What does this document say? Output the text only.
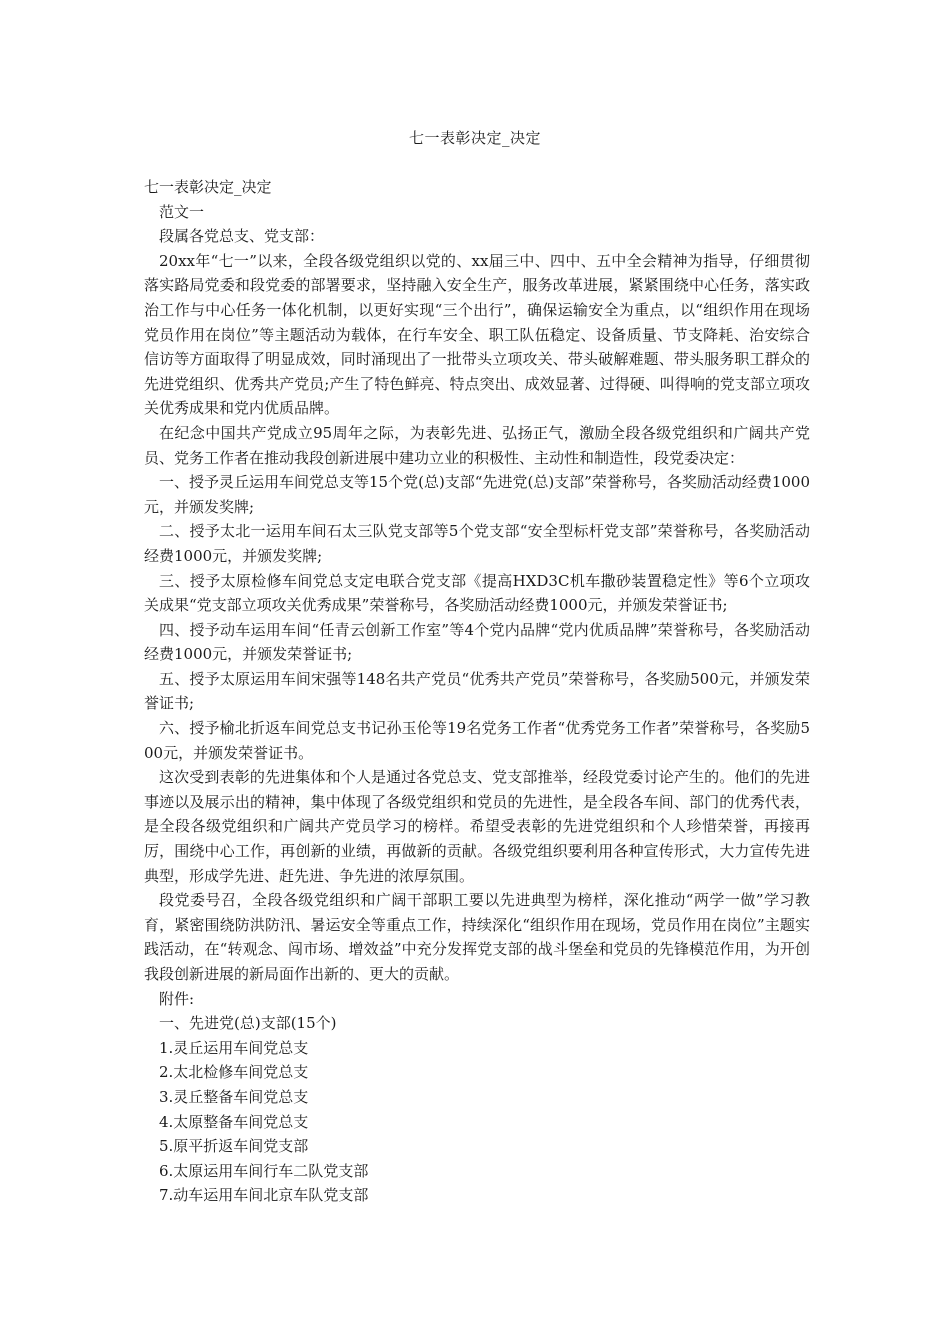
七一表彰决定_决定

七一表彰决定_决定

范文一

段属各党总支、党支部：

20xx年“七一”以来，全段各级党组织以党的、xx届三中、四中、五中全会精神为指导，仔细贯彻落实路局党委和段党委的部署要求，坚持融入安全生产，服务改革进展，紧紧围绕中心任务，落实政治工作与中心任务一体化机制，以更好实现“三个出行”，确保运输安全为重点，以“组织作用在现场 党员作用在岗位”等主题活动为载体，在行车安全、职工队伍稳定、设备质量、节支降耗、治安综合信访等方面取得了明显成效，同时涌现出了一批带头立项攻关、带头破解难题、带头服务职工群众的先进党组织、优秀共产党员;产生了特色鲜亮、特点突出、成效显著、过得硬、叫得响的党支部立项攻关优秀成果和党内优质品牌。

在纪念中国共产党成立95周年之际，为表彰先进、弘扬正气，激励全段各级党组织和广阔共产党员、党务工作者在推动我段创新进展中建功立业的积极性、主动性和制造性，段党委决定：

一、授予灵丘运用车间党总支等15个党(总)支部“先进党(总)支部”荣誉称号，各奖励活动经费1000元，并颁发奖牌;

二、授予太北一运用车间石太三队党支部等5个党支部“安全型标杆党支部”荣誉称号，各奖励活动经费1000元，并颁发奖牌;

三、授予太原检修车间党总支定电联合党支部《提高HXD3C机车撒砂装置稳定性》等6个立项攻关成果“党支部立项攻关优秀成果”荣誉称号，各奖励活动经费1000元，并颁发荣誉证书;

四、授予动车运用车间“任青云创新工作室”等4个党内品牌“党内优质品牌”荣誉称号，各奖励活动经费1000元，并颁发荣誉证书;

五、授予太原运用车间宋强等148名共产党员“优秀共产党员”荣誉称号，各奖励500元，并颁发荣誉证书;

六、授予榆北折返车间党总支书记孙玉伦等19名党务工作者“优秀党务工作者”荣誉称号，各奖励500元，并颁发荣誉证书。

这次受到表彰的先进集体和个人是通过各党总支、党支部推举，经段党委讨论产生的。他们的先进事迹以及展示出的精神，集中体现了各级党组织和党员的先进性，是全段各车间、部门的优秀代表，是全段各级党组织和广阔共产党员学习的榜样。希望受表彰的先进党组织和个人珍惜荣誉，再接再厉，围绕中心工作，再创新的业绩，再做新的贡献。各级党组织要利用各种宣传形式，大力宣传先进典型，形成学先进、赶先进、争先进的浓厚氛围。

段党委号召，全段各级党组织和广阔干部职工要以先进典型为榜样，深化推动“两学一做”学习教育，紧密围绕防洪防汛、暑运安全等重点工作，持续深化“组织作用在现场，党员作用在岗位”主题实践活动，在“转观念、闯市场、增效益”中充分发挥党支部的战斗堡垒和党员的先锋模范作用，为开创我段创新进展的新局面作出新的、更大的贡献。

附件:

一、先进党(总)支部(15个)

1.灵丘运用车间党总支

2.太北检修车间党总支

3.灵丘整备车间党总支

4.太原整备车间党总支

5.原平折返车间党支部

6.太原运用车间行车二队党支部

7.动车运用车间北京车队党支部
